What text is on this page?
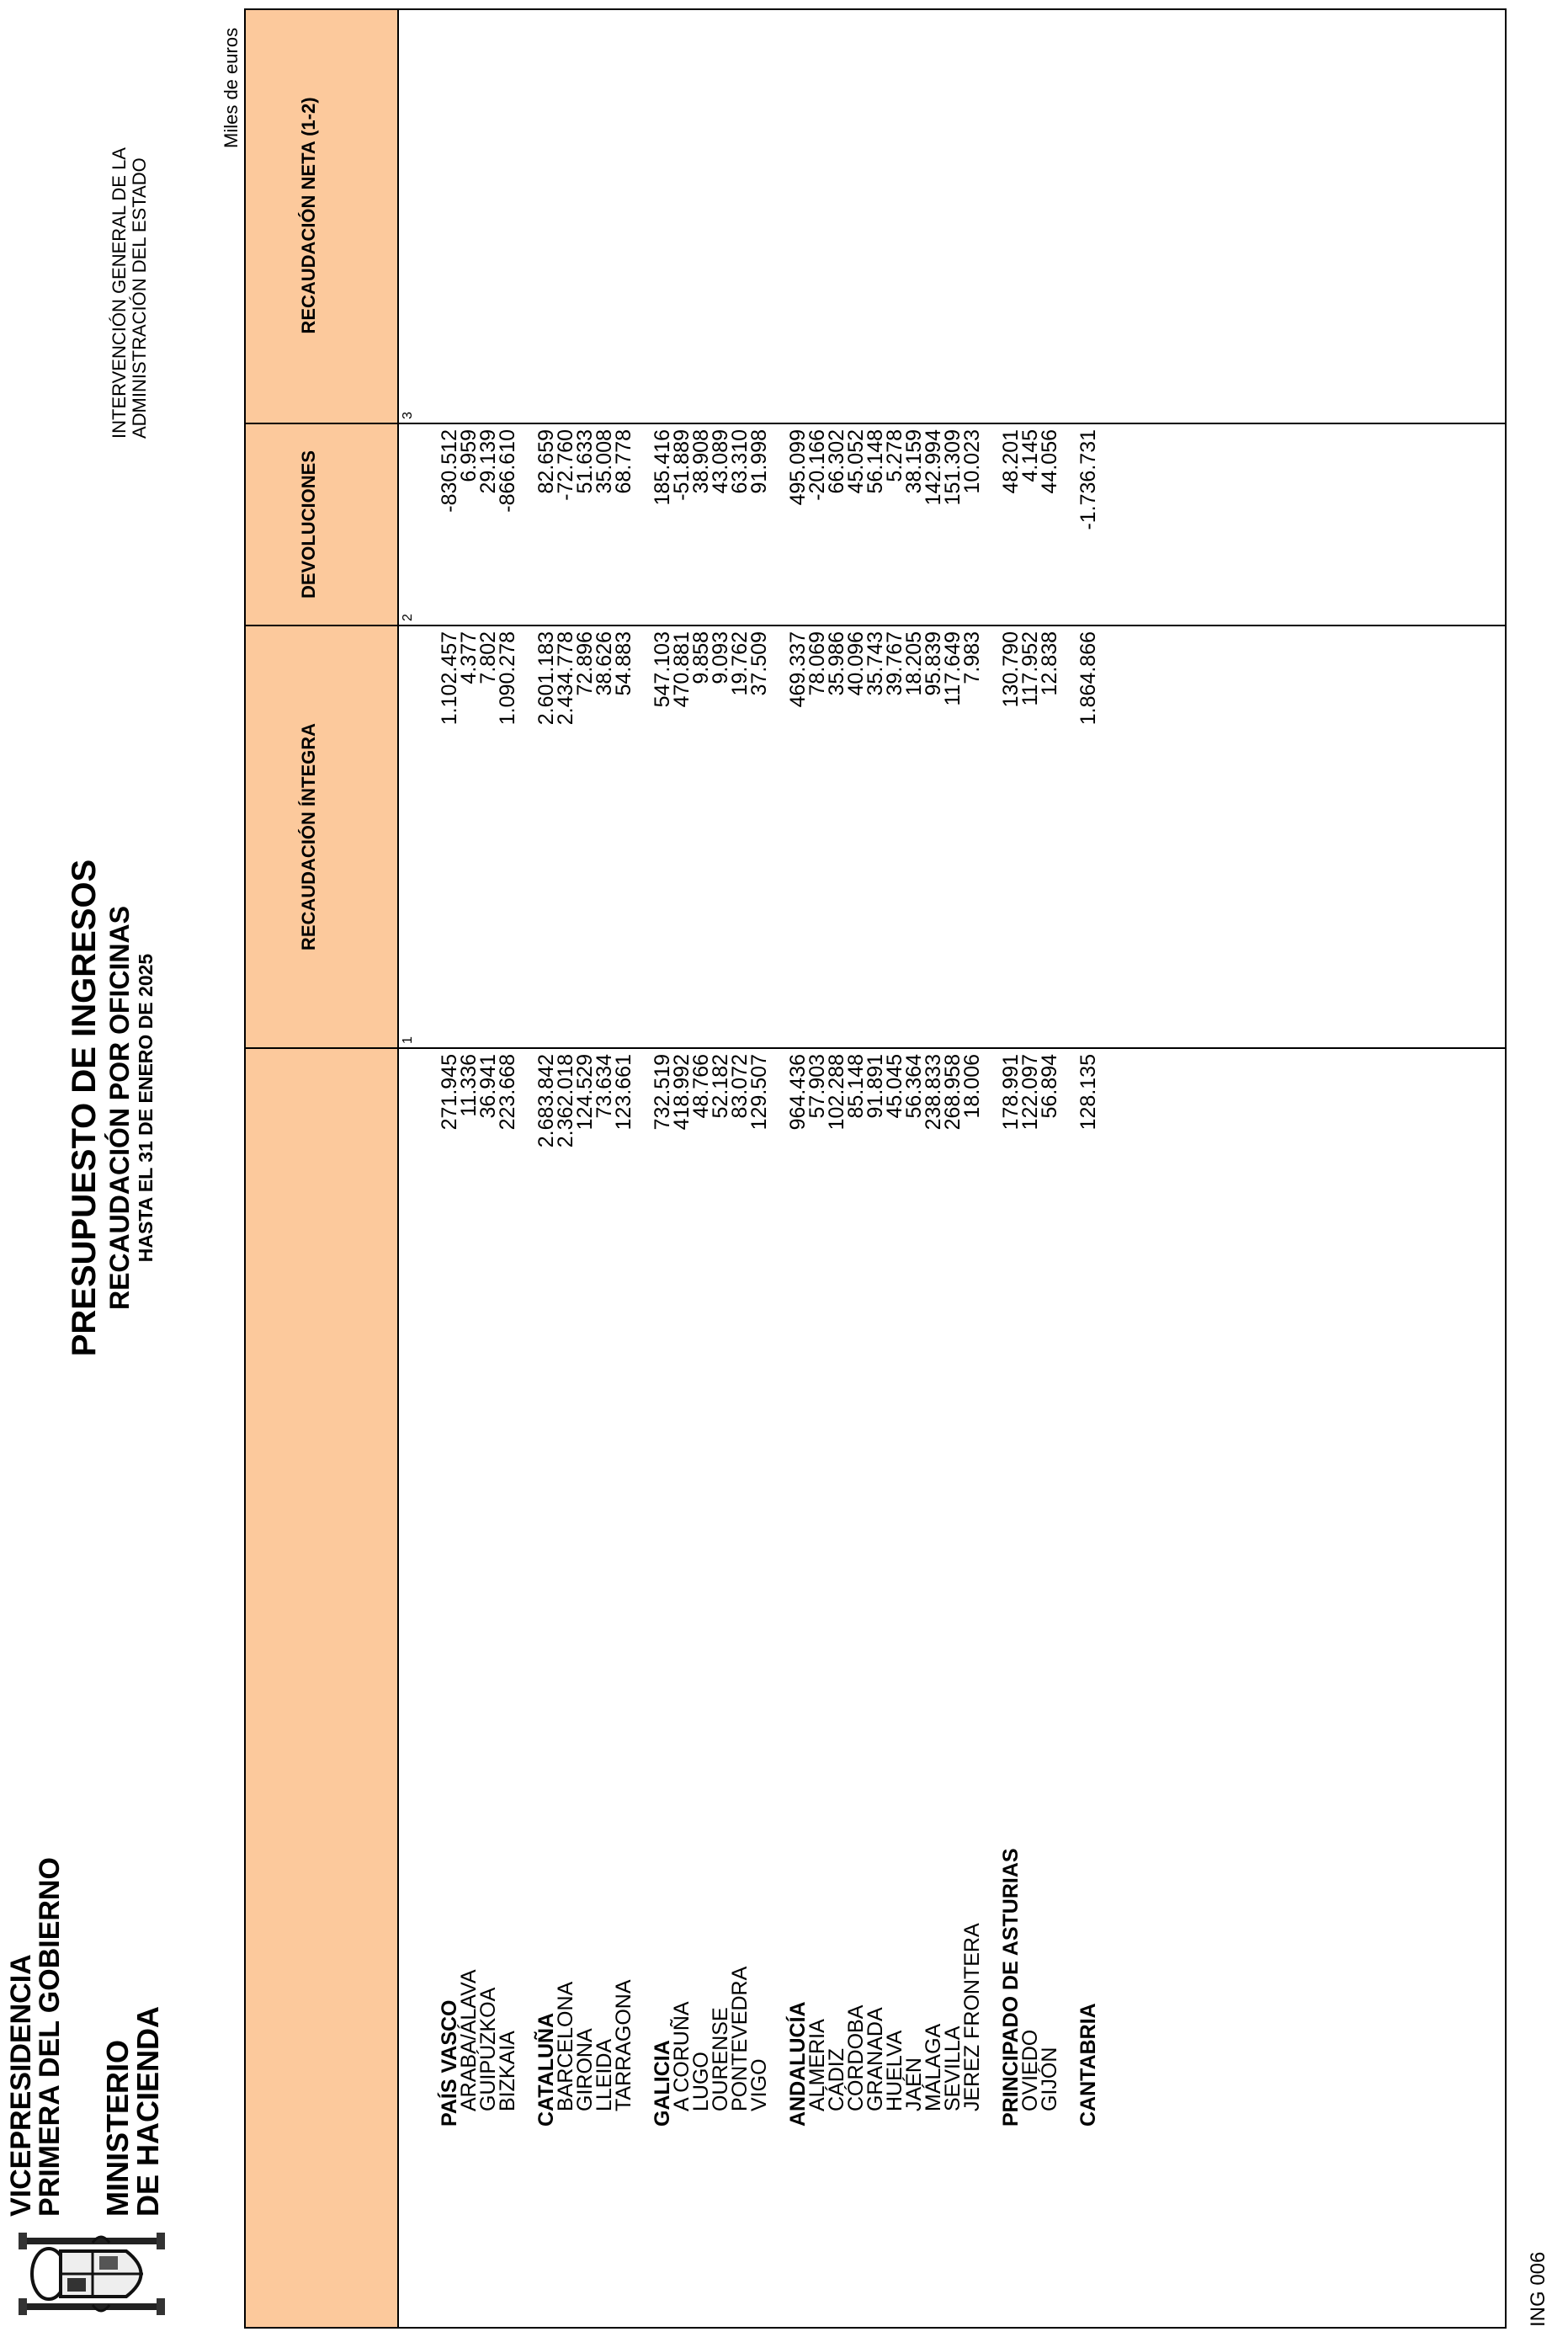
VICEPRESIDENCIA
PRIMERA DEL GOBIERNO MINISTERIO
DE HACIENDA
PRESUPUESTO DE INGRESOS RECAUDACIÓN POR OFICINAS HASTA EL 31 DE ENERO DE 2025
INTERVENCIÓN GENERAL DE LA ADMINISTRACIÓN DEL ESTADO
Miles de euros
RECAUDACIÓN ÍNTEGRA
DEVOLUCIONES
RECAUDACIÓN NETA (1-2)
1
2
3
PAÍS VASCO
271.945
1.102.457
-830.512
ARABA/ÁLAVA
11.336
4.377
6.959
GUIPÚZKOA
36.941
7.802
29.139
BIZKAIA
223.668
1.090.278
-866.610
CATALUÑA
2.683.842
2.601.183
82.659
BARCELONA
2.362.018
2.434.778
-72.760
GIRONA
124.529
72.896
51.633
LLEIDA
73.634
38.626
35.008
TARRAGONA
123.661
54.883
68.778
GALICIA
732.519
547.103
185.416
A CORUÑA
418.992
470.881
-51.889
LUGO
48.766
9.858
38.908
OURENSE
52.182
9.093
43.089
PONTEVEDRA
83.072
19.762
63.310
VIGO
129.507
37.509
91.998
ANDALUCÍA
964.436
469.337
495.099
ALMERIA
57.903
78.069
-20.166
CÁDIZ
102.288
35.986
66.302
CÓRDOBA
85.148
40.096
45.052
GRANADA
91.891
35.743
56.148
HUELVA
45.045
39.767
5.278
JAÉN
56.364
18.205
38.159
MÁLAGA
238.833
95.839
142.994
SEVILLA
268.958
117.649
151.309
JEREZ FRONTERA
18.006
7.983
10.023
PRINCIPADO DE ASTURIAS
178.991
130.790
48.201
OVIEDO
122.097
117.952
4.145
GIJÓN
56.894
12.838
44.056
CANTABRIA
128.135
1.864.866
-1.736.731
ING 006
